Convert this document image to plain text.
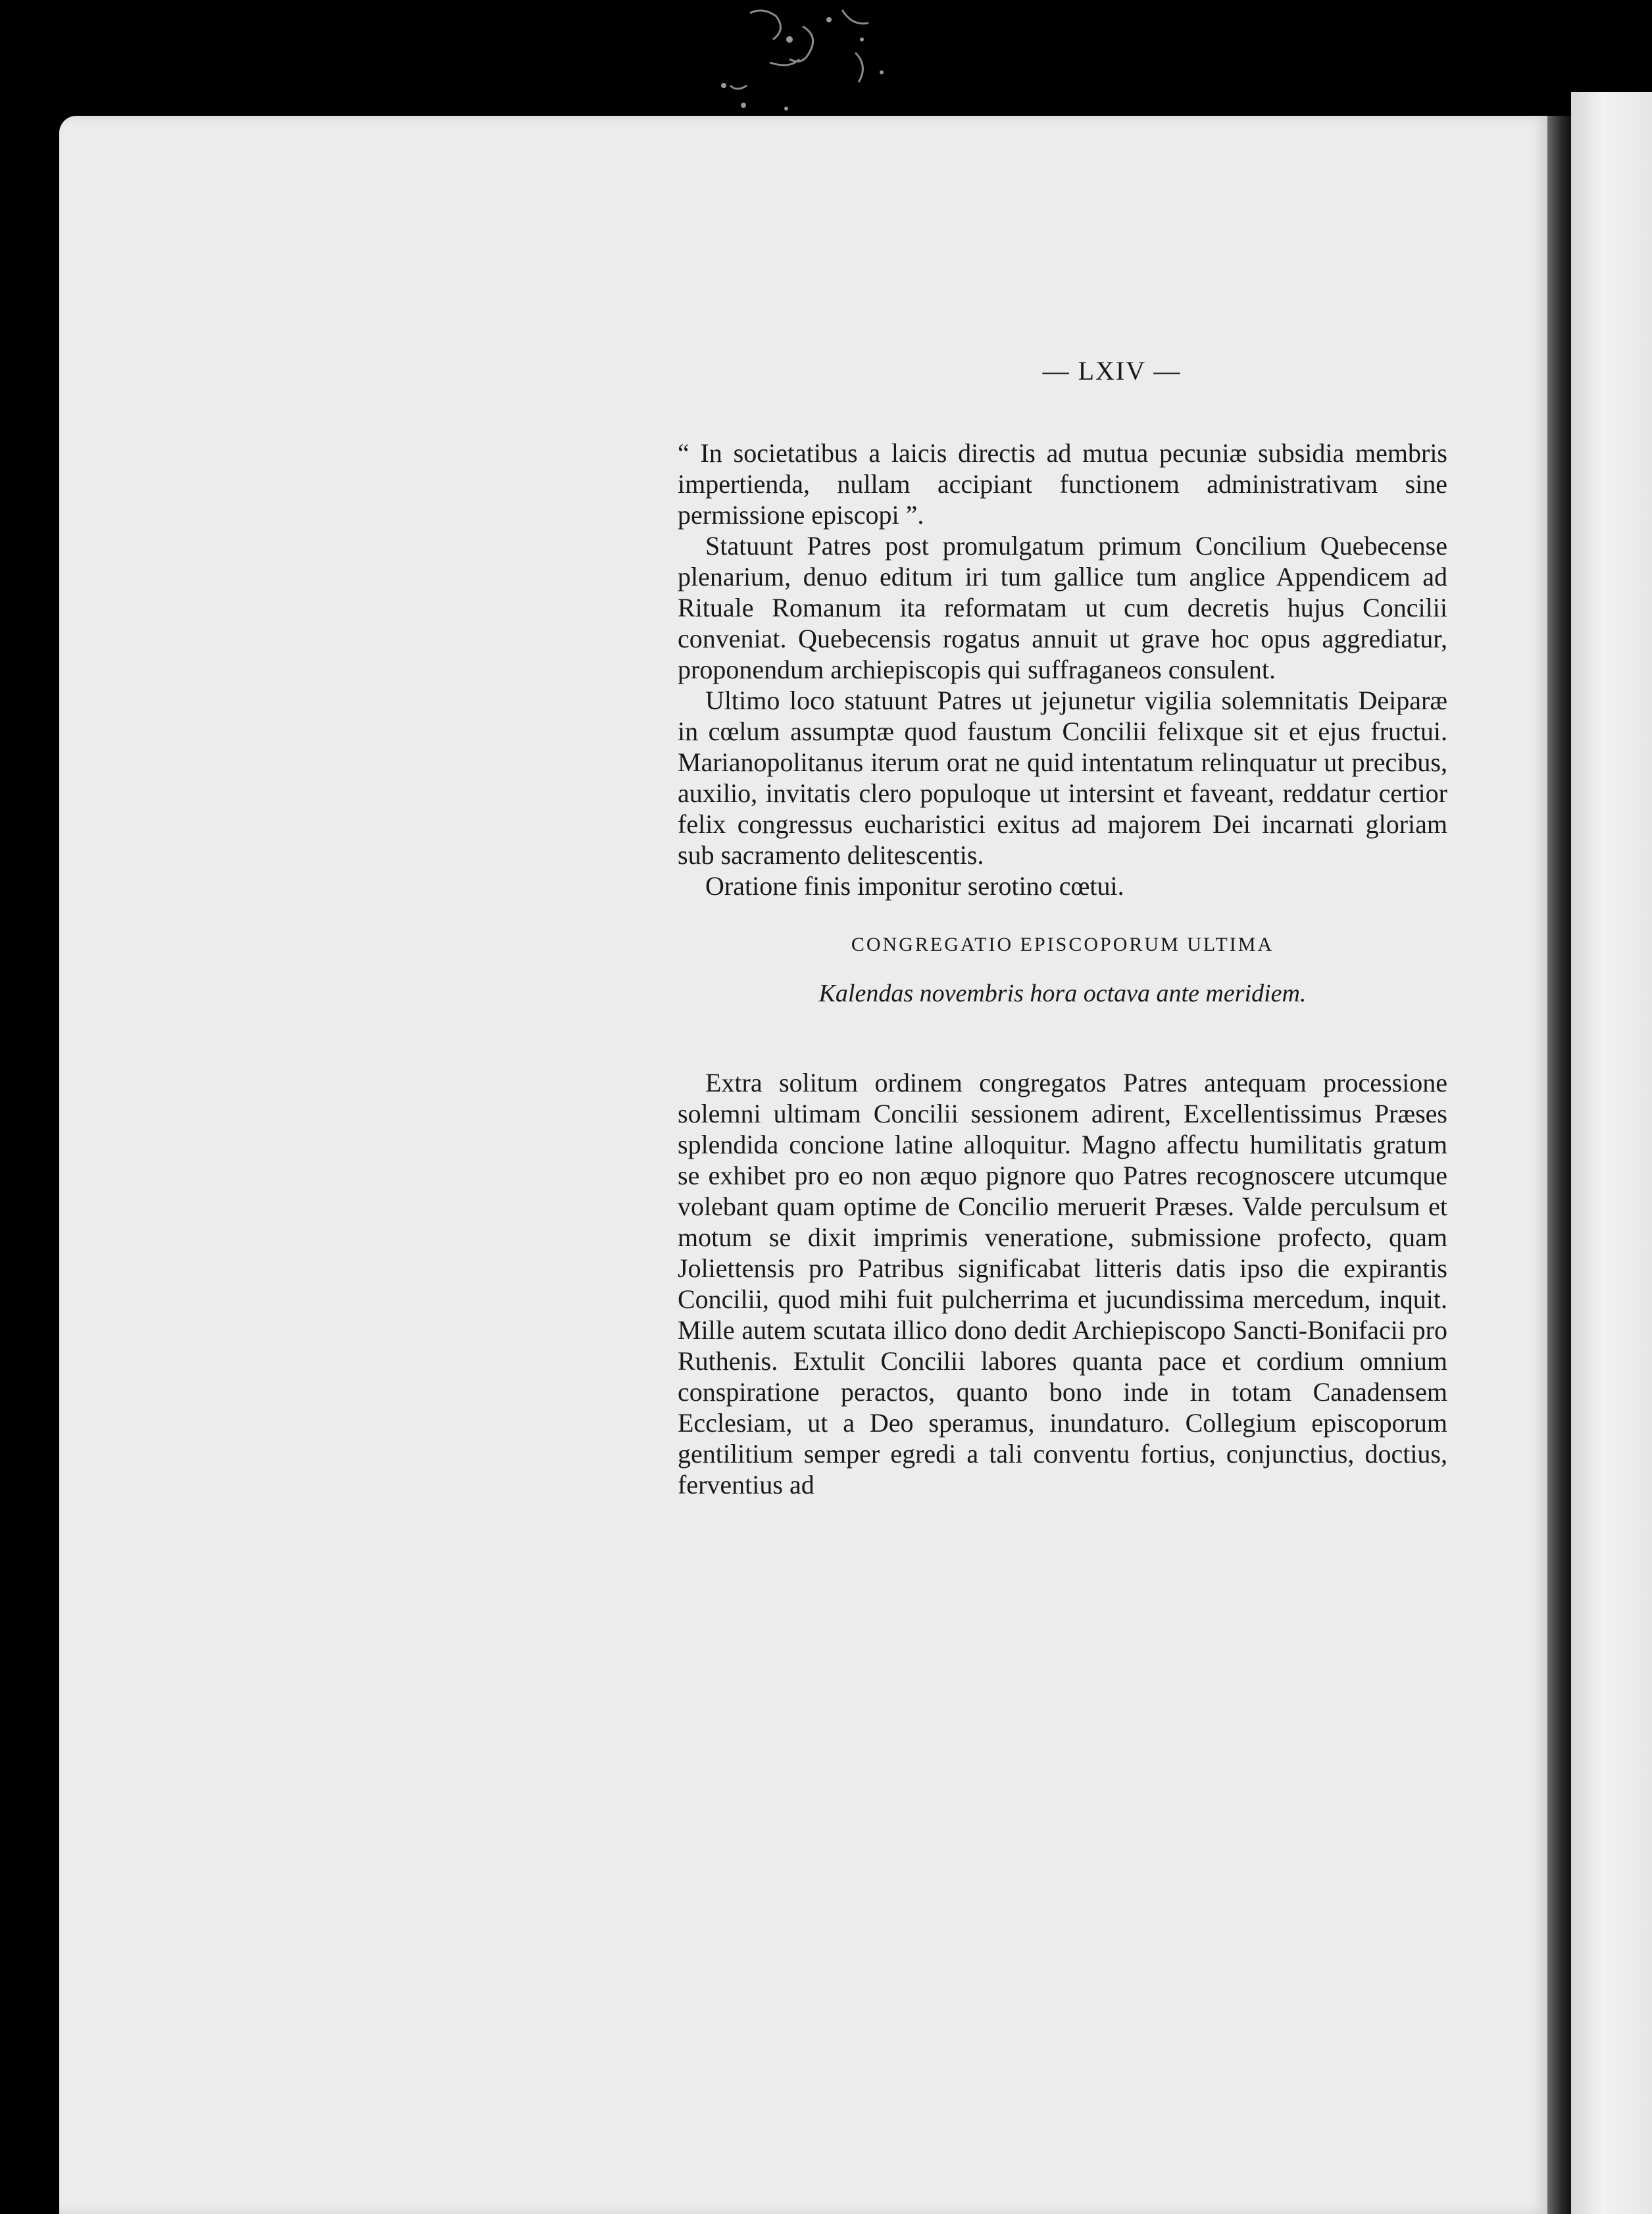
— LXIV —

“ In societatibus a laicis directis ad mutua pecuniæ subsidia membris impertienda, nullam accipiant functionem administrativam sine permissione episcopi ”.

Statuunt Patres post promulgatum primum Concilium Quebecense plenarium, denuo editum iri tum gallice tum anglice Appendicem ad Rituale Romanum ita reformatam ut cum decretis hujus Concilii conveniat. Quebecensis rogatus annuit ut grave hoc opus aggrediatur, proponendum archiepiscopis qui suffraganeos consulent.

Ultimo loco statuunt Patres ut jejunetur vigilia solemnitatis Deiparæ in cœlum assumptæ quod faustum Concilii felixque sit et ejus fructui. Marianopolitanus iterum orat ne quid intentatum relinquatur ut precibus, auxilio, invitatis clero populoque ut intersint et faveant, reddatur certior felix congressus eucharistici exitus ad majorem Dei incarnati gloriam sub sacramento delitescentis.

Oratione finis imponitur serotino cœtui.

CONGREGATIO EPISCOPORUM ULTIMA
Kalendas novembris hora octava ante meridiem.

Extra solitum ordinem congregatos Patres antequam processione solemni ultimam Concilii sessionem adirent, Excellentissimus Præses splendida concione latine alloquitur. Magno affectu humilitatis gratum se exhibet pro eo non æquo pignore quo Patres recognoscere utcumque volebant quam optime de Concilio meruerit Præses. Valde perculsum et motum se dixit imprimis veneratione, submissione profecto, quam Joliettensis pro Patribus significabat litteris datis ipso die expirantis Concilii, quod mihi fuit pulcherrima et jucundissima mercedum, inquit. Mille autem scutata illico dono dedit Archiepiscopo Sancti-Bonifacii pro Ruthenis. Extulit Concilii labores quanta pace et cordium omnium conspiratione peractos, quanto bono inde in totam Canadensem Ecclesiam, ut a Deo speramus, inundaturo. Collegium episcoporum gentilitium semper egredi a tali conventu fortius, conjunctius, doctius, ferventius ad
